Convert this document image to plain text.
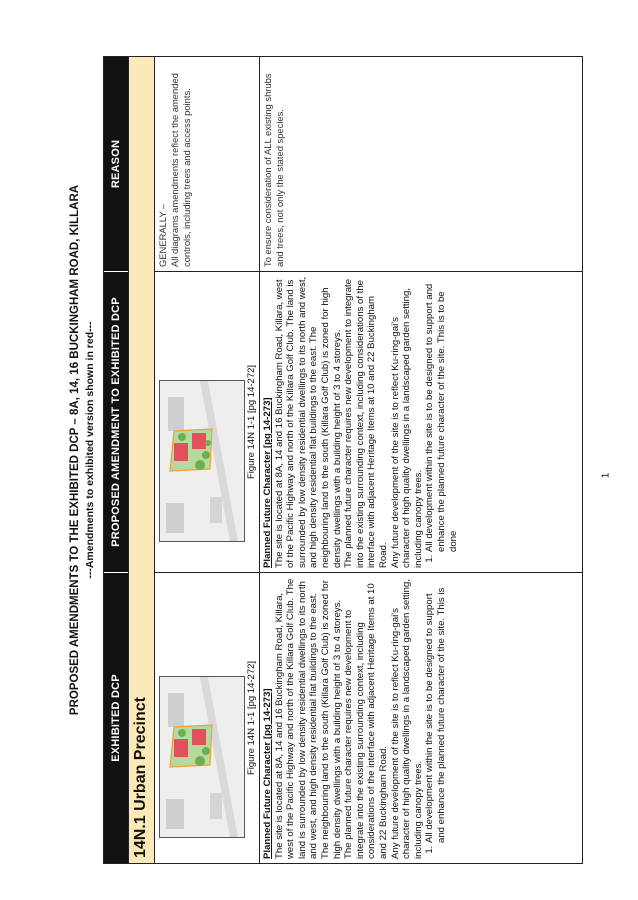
PROPOSED AMENDMENTS TO THE EXHIBITED DCP – 8A, 14, 16 BUCKINGHAM ROAD, KILLARA ---Amendments to exhibited version shown in red---
EXHIBITED DCP
PROPOSED AMENDMENT TO EXHIBITED DCP
REASON
14N.1 Urban Precinct	Figure 14N 1-1 [pg 14-272]
Figure 14N 1-1 [pg 14-272]
GENERALLY – All diagrams amendments reflect the amended controls, including trees and access points.
Planned Future Character [pg 14-273] The site is located at 8A, 14 and 16 Buckingham Road, Killara, west of the Pacific Highway and north of the Killara Golf Club. The land is surrounded by low density residential dwellings to its north and west, and high density residential flat buildings to the east. The neighbouring land to the south (Killara Golf Club) is zoned for high density dwellings with a building height of 3 to 4 storeys. The planned future character requires new development to integrate into the existing surrounding context, including considerations of the interface with adjacent Heritage Items at 10 and 22 Buckingham Road. Any future development of the site is to reflect Ku-ring-gai's character of high quality dwellings in a landscaped garden setting, including canopy trees. 1. All development within the site is to be designed to support and enhance the planned future character of the site. This is
Planned Future Character [pg 14-273] The site is located at 8A, 14 and 16 Buckingham Road, Killara, west of the Pacific Highway and north of the Killara Golf Club. The land is surrounded by low density residential dwellings to its north and west, and high density residential flat buildings to the east. The neighbouring land to the south (Killara Golf Club) is zoned for high density dwellings with a building height of 3 to 4 storeys. The planned future character requires new development to integrate into the existing surrounding context, including considerations of the interface with adjacent Heritage Items at 10 and 22 Buckingham Road. Any future development of the site is to reflect Ku-ring-gai's character of high quality dwellings in a landscaped garden setting, including canopy trees. 1. All development within the site is to be designed to support and enhance the planned future character of the site. This is to be done
To ensure consideration of ALL existing shrubs and trees, not only the stated species.
1
